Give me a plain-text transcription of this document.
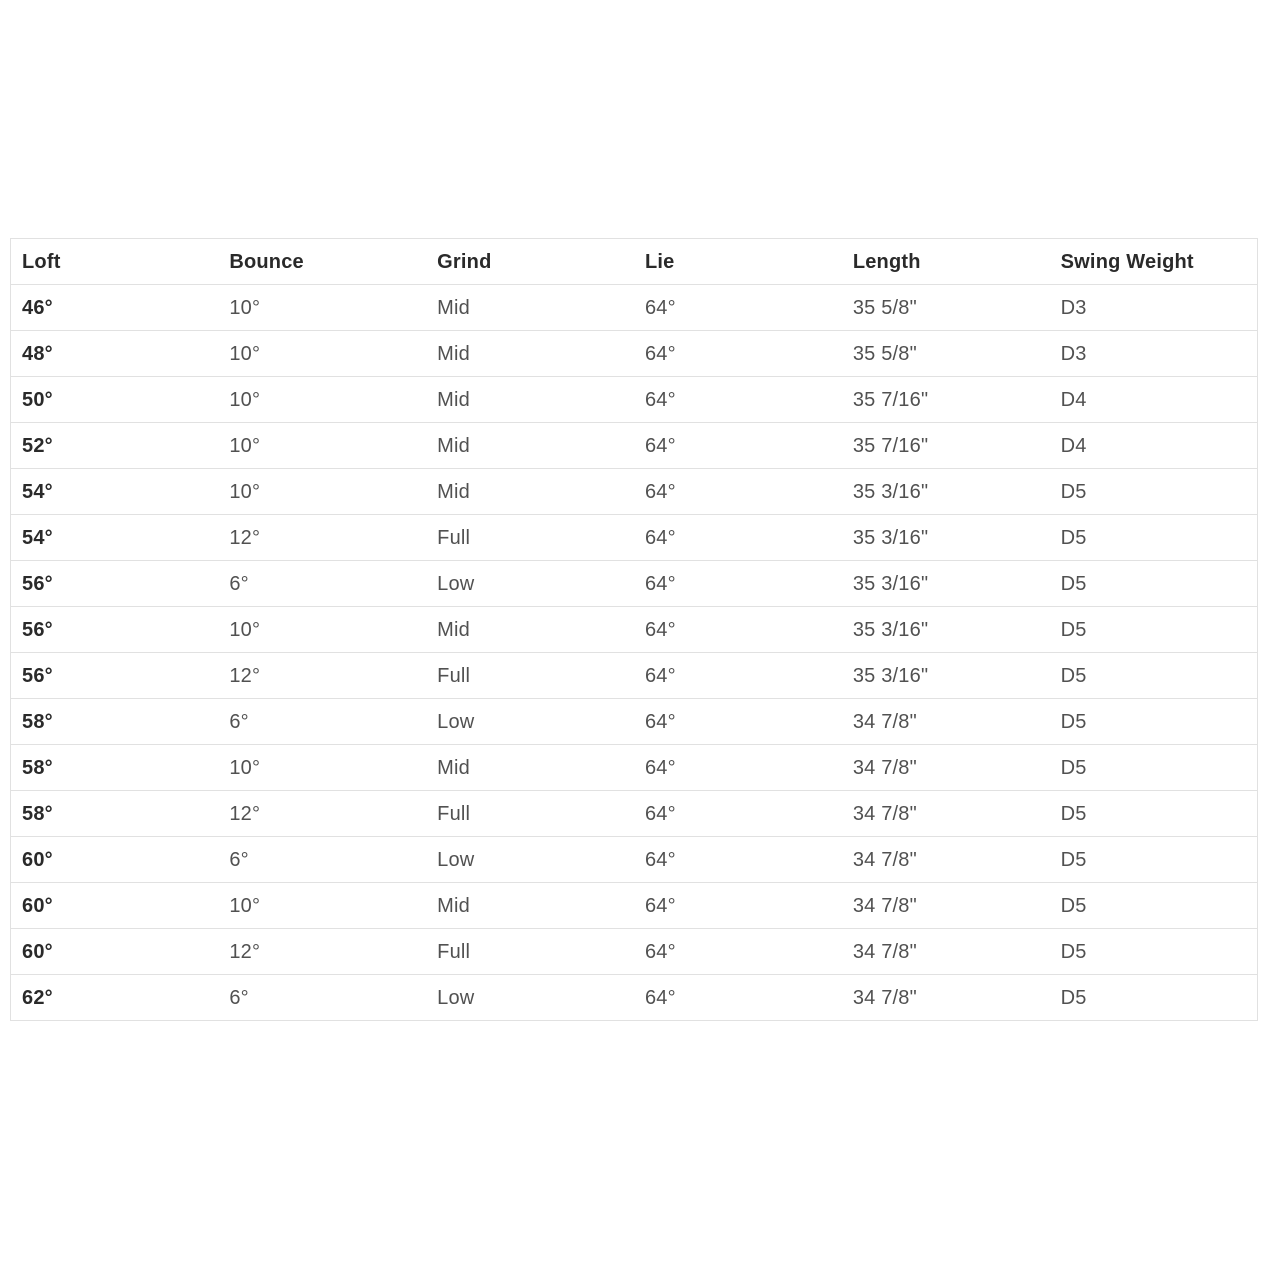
Loft	Bounce	Grind	Lie	Length	Swing Weight
46°	10°	Mid	64°	35 5/8"	D3
48°	10°	Mid	64°	35 5/8"	D3
50°	10°	Mid	64°	35 7/16"	D4
52°	10°	Mid	64°	35 7/16"	D4
54°	10°	Mid	64°	35 3/16"	D5
54°	12°	Full	64°	35 3/16"	D5
56°	6°	Low	64°	35 3/16"	D5
56°	10°	Mid	64°	35 3/16"	D5
56°	12°	Full	64°	35 3/16"	D5
58°	6°	Low	64°	34 7/8"	D5
58°	10°	Mid	64°	34 7/8"	D5
58°	12°	Full	64°	34 7/8"	D5
60°	6°	Low	64°	34 7/8"	D5
60°	10°	Mid	64°	34 7/8"	D5
60°	12°	Full	64°	34 7/8"	D5
62°	6°	Low	64°	34 7/8"	D5
